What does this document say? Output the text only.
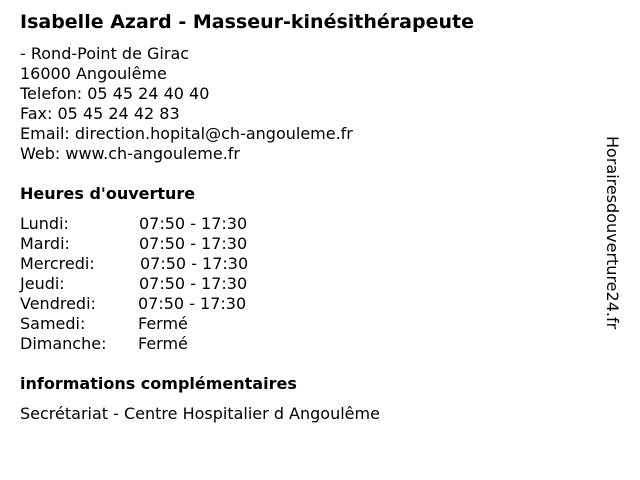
Isabelle Azard - Masseur-kinésithérapeute
- Rond-Point de Girac
16000 Angoulême
Telefon: 05 45 24 40 40
Fax: 05 45 24 42 83
Email: direction.hopital@ch-angouleme.fr
Web: www.ch-angouleme.fr
Heures d'ouverture
Lundi:	07:50 - 17:30
Mardi:	07:50 - 17:30
Mercredi:	07:50 - 17:30
Jeudi:	07:50 - 17:30
Vendredi:	07:50 - 17:30
Samedi:	Fermé
Dimanche: Fermé
informations complémentaires
Secrétariat - Centre Hospitalier d Angoulême
Horairesdouverture24.fr
